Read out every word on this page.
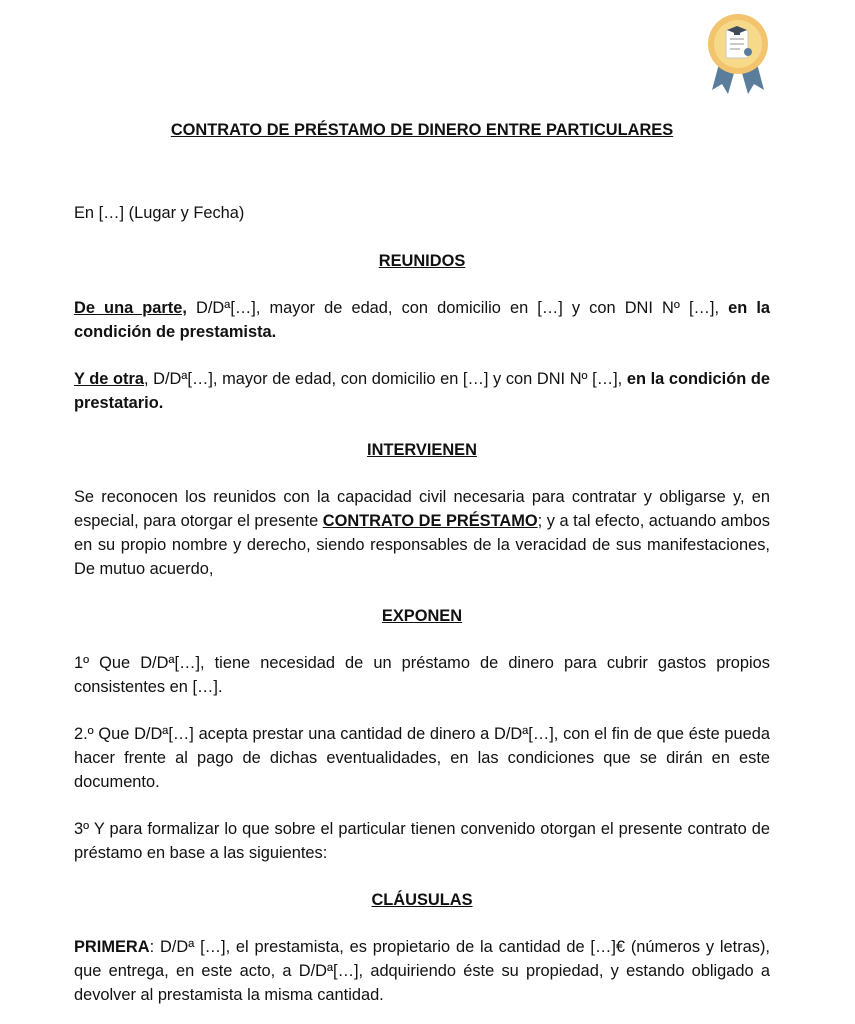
CONTRATO DE PRÉSTAMO DE DINERO ENTRE PARTICULARES

En […] (Lugar y Fecha)

REUNIDOS

De una parte, D/Dª[…], mayor de edad, con domicilio en […] y con DNI Nº […], en la condición de prestamista.

Y de otra, D/Dª[…], mayor de edad, con domicilio en […] y con DNI Nº […], en la condición de prestatario.

INTERVIENEN

Se reconocen los reunidos con la capacidad civil necesaria para contratar y obligarse y, en especial, para otorgar el presente CONTRATO DE PRÉSTAMO; y a tal efecto, actuando ambos en su propio nombre y derecho, siendo responsables de la veracidad de sus manifestaciones, De mutuo acuerdo,

EXPONEN

1º Que D/Dª[…], tiene necesidad de un préstamo de dinero para cubrir gastos propios consistentes en […].

2.º Que D/Dª[…] acepta prestar una cantidad de dinero a D/Dª[…], con el fin de que éste pueda hacer frente al pago de dichas eventualidades, en las condiciones que se dirán en este documento.

3º Y para formalizar lo que sobre el particular tienen convenido otorgan el presente contrato de préstamo en base a las siguientes:

CLÁUSULAS

PRIMERA: D/Dª […], el prestamista, es propietario de la cantidad de […]€ (números y letras), que entrega, en este acto, a D/Dª[…], adquiriendo éste su propiedad, y estando obligado a devolver al prestamista la misma cantidad.
